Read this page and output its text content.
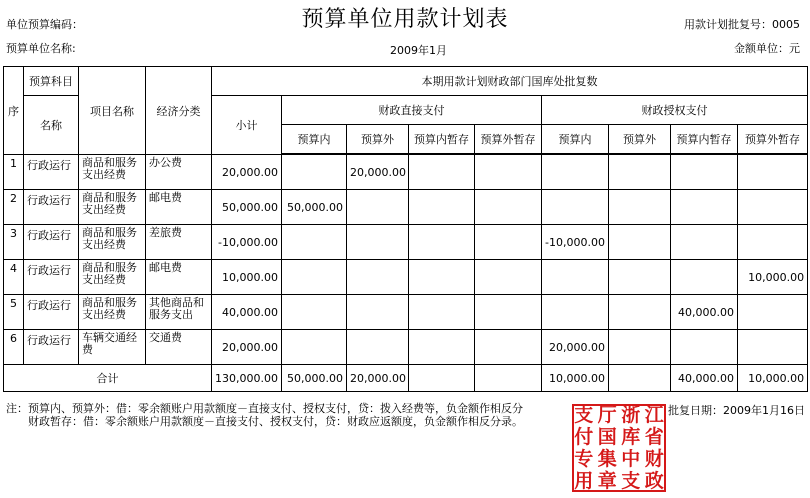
预算单位用款计划表
单位预算编码：
预算单位名称:	2009年1月
用款计划批复号：0005
金额单位：元
序	预算科目	项目名称	经济分类	本期用款计划财政部门国库处批复数								
	名称			小计	财政直接支付				财政授权支付			
					预算内	预算外	预算内暂存	预算外暂存	预算内	预算外	预算内暂存	预算外暂存

1	行政运行	商品和服务支出经费	办公费	20,000.00		20,000.00						
2	行政运行	商品和服务支出经费	邮电费	50,000.00	50,000.00							
3	行政运行	商品和服务支出经费	差旅费	-10,000.00					-10,000.00			
4	行政运行	商品和服务支出经费	邮电费	10,000.00								10,000.00
5	行政运行	商品和服务支出经费	其他商品和服务支出	40,000.00							40,000.00	
6	行政运行	车辆交通经费	交通费	20,000.00					20,000.00			
合计				130,000.00	50,000.00	20,000.00			10,000.00		40,000.00	10,000.00
注：预算内、预算外：借：零余额账户用款额度－直接支付、授权支付，贷：拨入经费等，负金额作相反分
财政暂存：借：零余额账户用款额度－直接支付、授权支付，贷：财政应返额度，负金额作相反分录。
批复日期：2009年1月16日
支 厅 浙 江
付 国 库 省
专 集 中 财
用 章 支 政
